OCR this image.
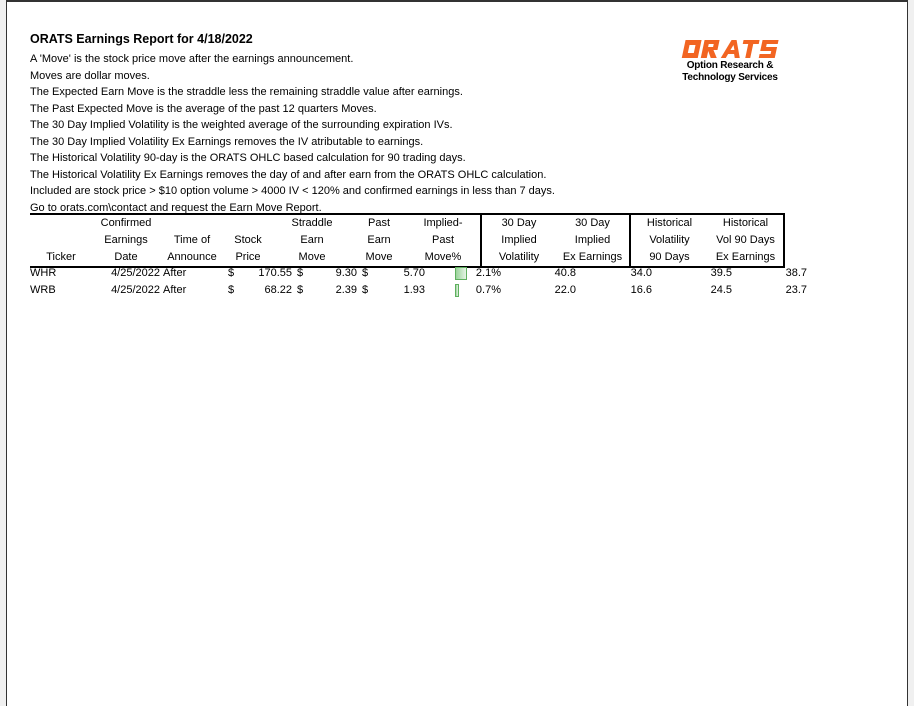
ORATS Earnings Report for 4/18/2022
A 'Move' is the stock price move after the earnings announcement.
Moves are dollar moves.
The Expected Earn Move is the straddle less the remaining straddle value after earnings.
The Past Expected Move is the average of the past 12 quarters Moves.
The 30 Day Implied Volatility is the weighted average of the surrounding expiration IVs.
The 30 Day Implied Volatility Ex Earnings removes the IV atributable to earnings.
The Historical Volatility 90-day is the ORATS OHLC based calculation for 90 trading days.
The Historical Volatility Ex Earnings removes the day of and after earn from the ORATS OHLC calculation.
Included are stock price > $10 option volume > 4000 IV < 120% and confirmed earnings in less than 7 days.
Go to orats.com\contact and request the Earn Move Report.
Option Research &
Technology Services
	Confirmed				Straddle		Past	Implied-	30 Day	30 Day	Historical	Historical
	Earnings	Time of	Stock		Earn		Earn	Past	Implied	Implied	Volatility	Vol 90 Days
Ticker	Date	Announce	Price		Move		Move	Move%	Volatility	Ex Earnings	90 Days	Ex Earnings
WHR	4/25/2022 After	$ 170.55 $	9.30 $	5.70	2.1%	40.8	34.0	39.5	38.7
WRB	4/25/2022 After	$	68.22 $	2.39 $	1.93	0.7%	22.0	16.6	24.5	23.7
